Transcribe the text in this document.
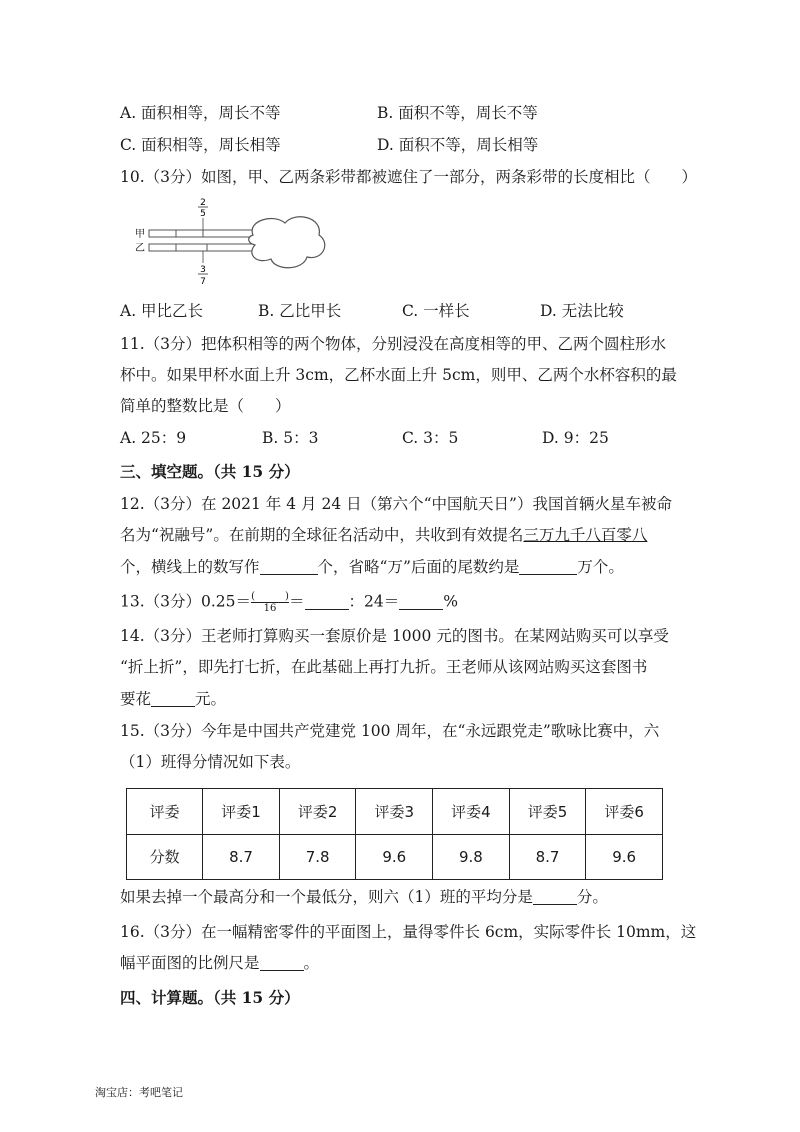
A. 面积相等，周长不等	B. 面积不等，周长不等
C. 面积相等，周长相等	D. 面积不等，周长相等
10.（3分）如图，甲、乙两条彩带都被遮住了一部分，两条彩带的长度相比（　　）
2
5
甲
乙
3
7
A. 甲比乙长	B. 乙比甲长	C. 一样长	D. 无法比较
11.（3分）把体积相等的两个物体，分别浸没在高度相等的甲、乙两个圆柱形水
杯中。如果甲杯水面上升 3cm，乙杯水面上升 5cm，则甲、乙两个水杯容积的最
简单的整数比是（　　）
A. 25：9	B. 5：3	C. 3：5	D. 9：25
三、填空题。（共 15 分）
12.（3分）在 2021 年 4 月 24 日（第六个“中国航天日”）我国首辆火星车被命
名为“祝融号”。在前期的全球征名活动中，共收到有效提名三万九千八百零八
个，横线上的数写作	个，省略“万”后面的尾数约是	万个。
13.（3分）$0.25= \frac{( )}{16}$ ＝	：24＝	%
14.（3分）王老师打算购买一套原价是 1000 元的图书。在某网站购买可以享受
“折上折”，即先打七折，在此基础上再打九折。王老师从该网站购买这套图书
要花	元。
15.（3分）今年是中国共产党建党 100 周年，在“永远跟党走”歌咏比赛中，六
（1）班得分情况如下表。
评委	评委1	评委2	评委3	评委4	评委5	评委6
分数	8.7	7.8	9.6	9.8	8.7	9.6
如果去掉一个最高分和一个最低分，则六（1）班的平均分是	分。
16.（3分）在一幅精密零件的平面图上，量得零件长 6cm，实际零件长 10mm，这
幅平面图的比例尺是	。
四、计算题。（共 15 分）
淘宝店：考吧笔记
